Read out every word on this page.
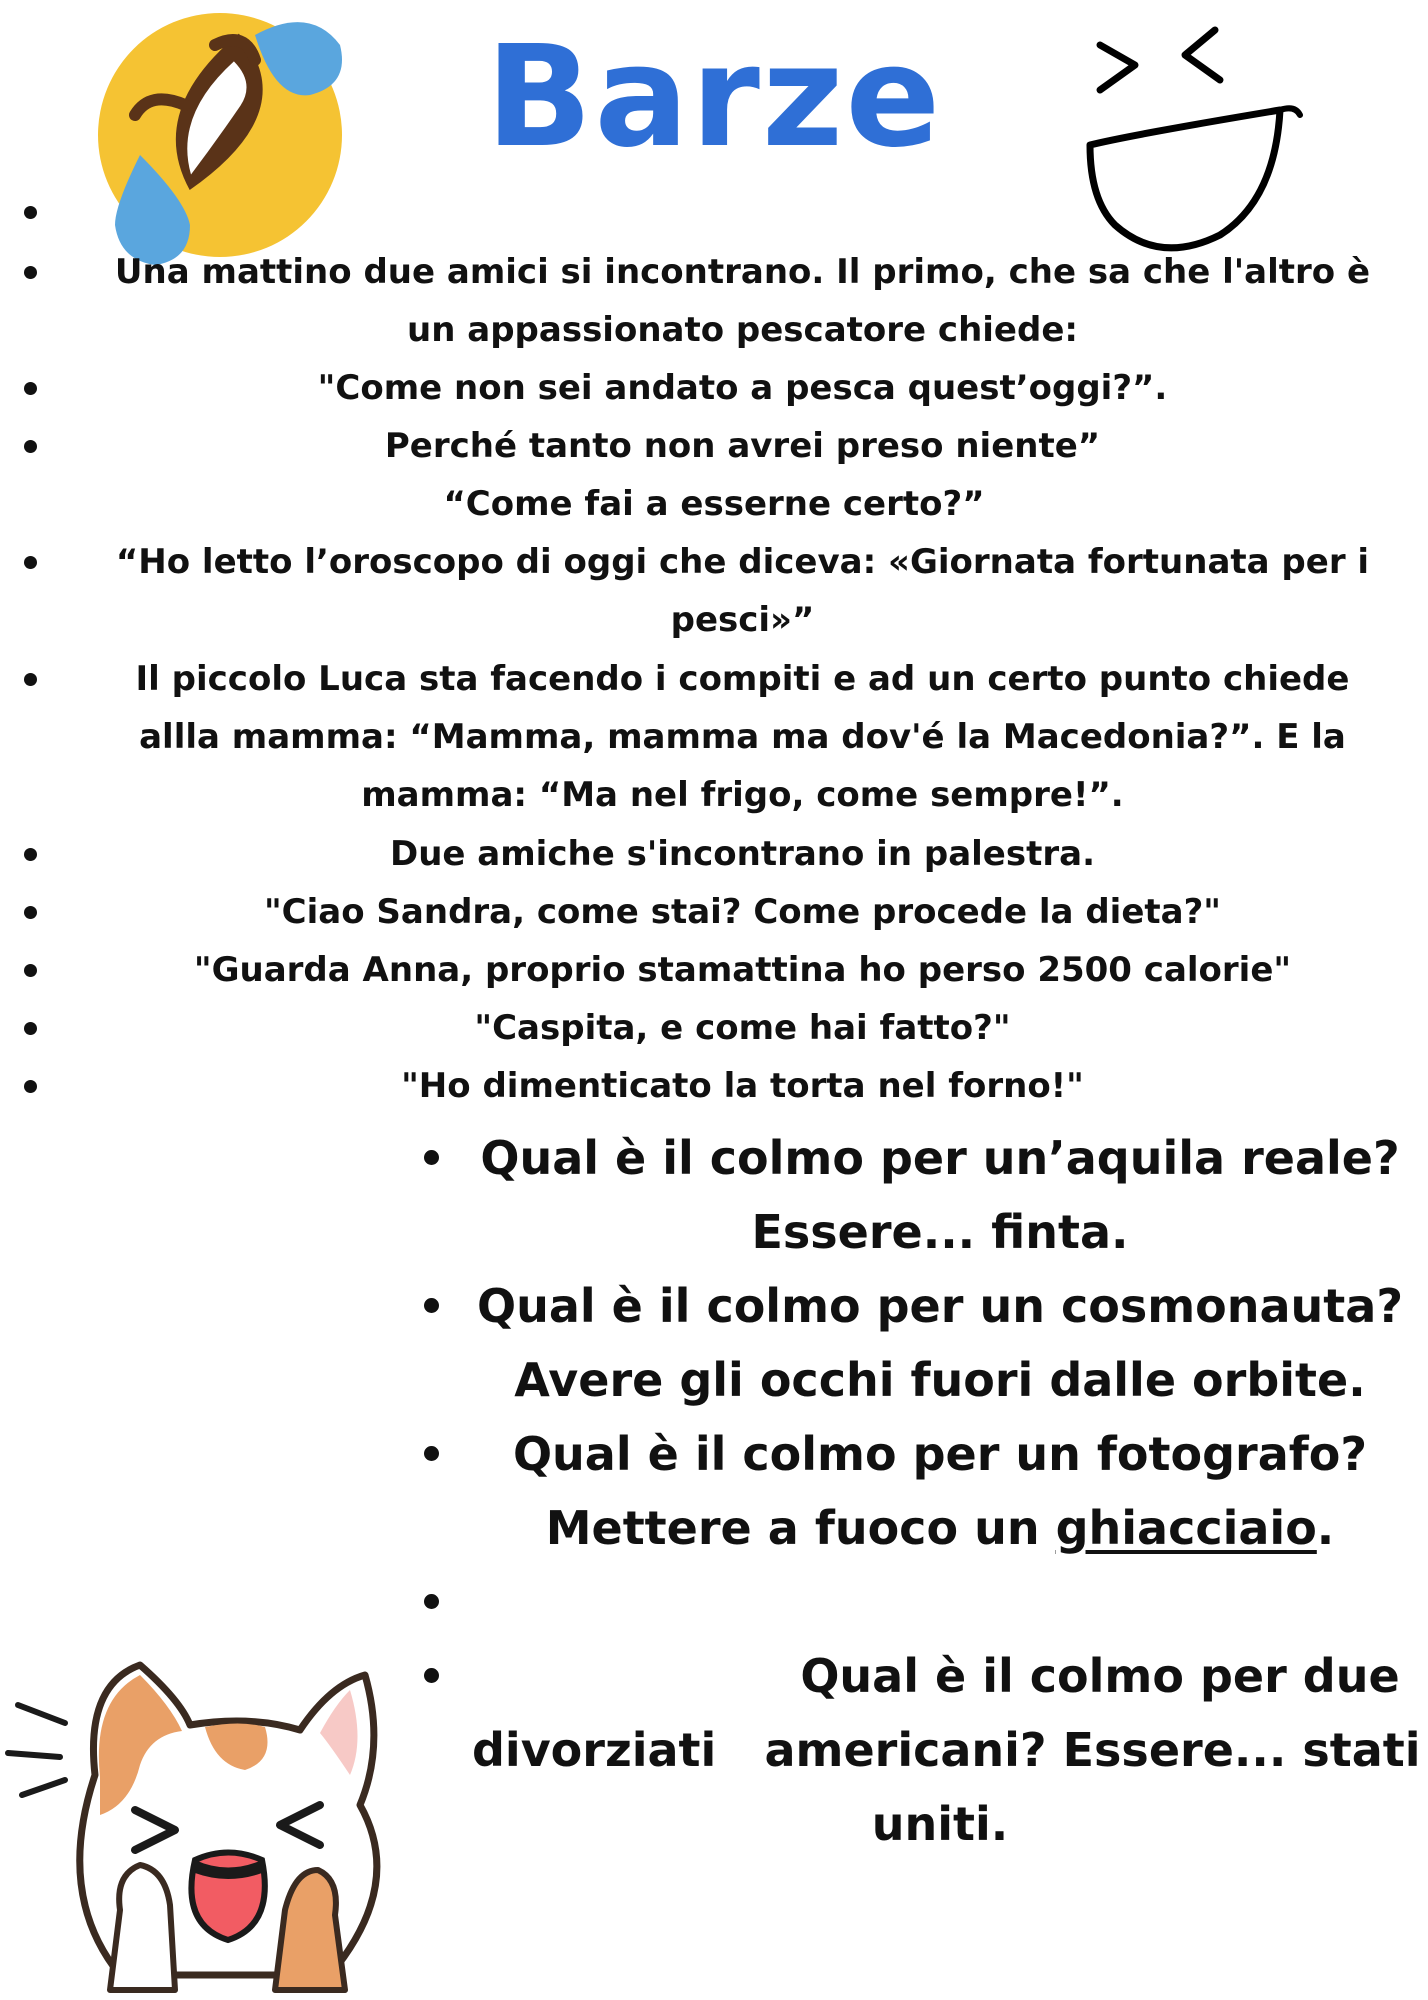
Barze

Una mattino due amici si incontrano. Il primo, che sa che l'altro è

un appassionato pescatore chiede:

"Come non sei andato a pesca quest’oggi?”.

Perché tanto non avrei preso niente”

“Come fai a esserne certo?”

“Ho letto l’oroscopo di oggi che diceva: «Giornata fortunata per i

pesci»”

Il piccolo Luca sta facendo i compiti e ad un certo punto chiede

allla mamma: “Mamma, mamma ma dov'é la Macedonia?”. E la

mamma: “Ma nel frigo, come sempre!”.

Due amiche s'incontrano in palestra.

"Ciao Sandra, come stai? Come procede la dieta?"

"Guarda Anna, proprio stamattina ho perso 2500 calorie"

"Caspita, e come hai fatto?"

"Ho dimenticato la torta nel forno!"

Qual è il colmo per un’aquila reale?

Essere... finta.

Qual è il colmo per un cosmonauta?

Avere gli occhi fuori dalle orbite.

Qual è il colmo per un fotografo?

Mettere a fuoco un ghiacciaio.

Qual è il colmo per due

divorziati	americani? Essere... stati

uniti.
